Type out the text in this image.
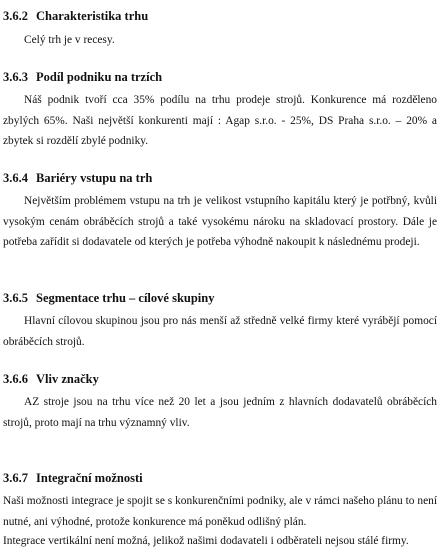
3.6.2 Charakteristika trhu

Celý trh je v recesy.

3.6.3 Podíl podniku na trzích

Náš podnik tvoří cca 35% podílu na trhu prodeje strojů. Konkurence má rozděleno zbylých 65%. Naši největší konkurenti mají : Agap s.r.o. - 25%, DS Praha s.r.o. – 20% a zbytek si rozdělí zbylé podniky.

3.6.4 Bariéry vstupu na trh

Největším problémem vstupu na trh je velikost vstupního kapitálu který je potřbný, kvůli vysokým cenám obráběcích strojů a také vysokému nároku na skladovací prostory. Dále je potřeba zařídit si dodavatele od kterých je potřeba výhodně nakoupit k následnému prodeji.

3.6.5 Segmentace trhu – cílové skupiny

Hlavní cílovou skupinou jsou pro nás menší až středně velké firmy které vyrábějí pomocí obráběcích strojů.

3.6.6 Vliv značky

AZ stroje jsou na trhu více než 20 let a jsou jedním z hlavních dodavatelů obráběcích strojů, proto mají na trhu významný vliv.

3.6.7 Integrační možnosti

Naši možnosti integrace je spojit se s konkurenčními podniky, ale v rámci našeho plánu to není nutné, ani výhodné, protože konkurence má poněkud odlišný plán.

Integrace vertikální není možná, jelikož našimi dodavateli i odběrateli nejsou stálé firmy.
